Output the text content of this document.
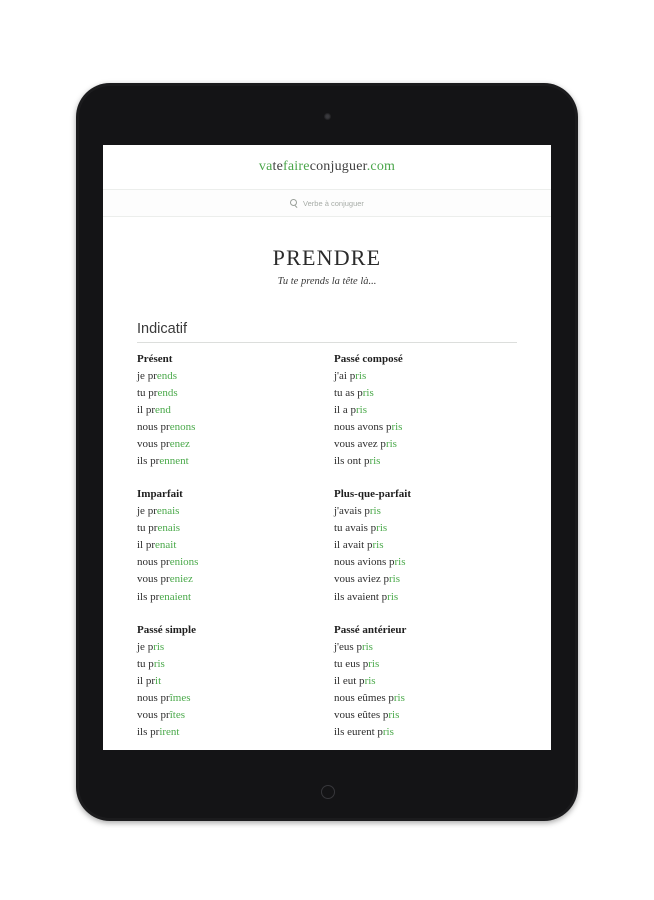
vatefaireconjuguer.com
Verbe à conjuguer
PRENDRE
Tu te prends la tête là...
Indicatif
Présent
je prends
tu prends
il prend
nous prenons
vous prenez
ils prennent
Passé composé
j'ai pris
tu as pris
il a pris
nous avons pris
vous avez pris
ils ont pris
Imparfait
je prenais
tu prenais
il prenait
nous prenions
vous preniez
ils prenaient
Plus-que-parfait
j'avais pris
tu avais pris
il avait pris
nous avions pris
vous aviez pris
ils avaient pris
Passé simple
je pris
tu pris
il prit
nous prîmes
vous prîtes
ils prirent
Passé antérieur
j'eus pris
tu eus pris
il eut pris
nous eûmes pris
vous eûtes pris
ils eurent pris
